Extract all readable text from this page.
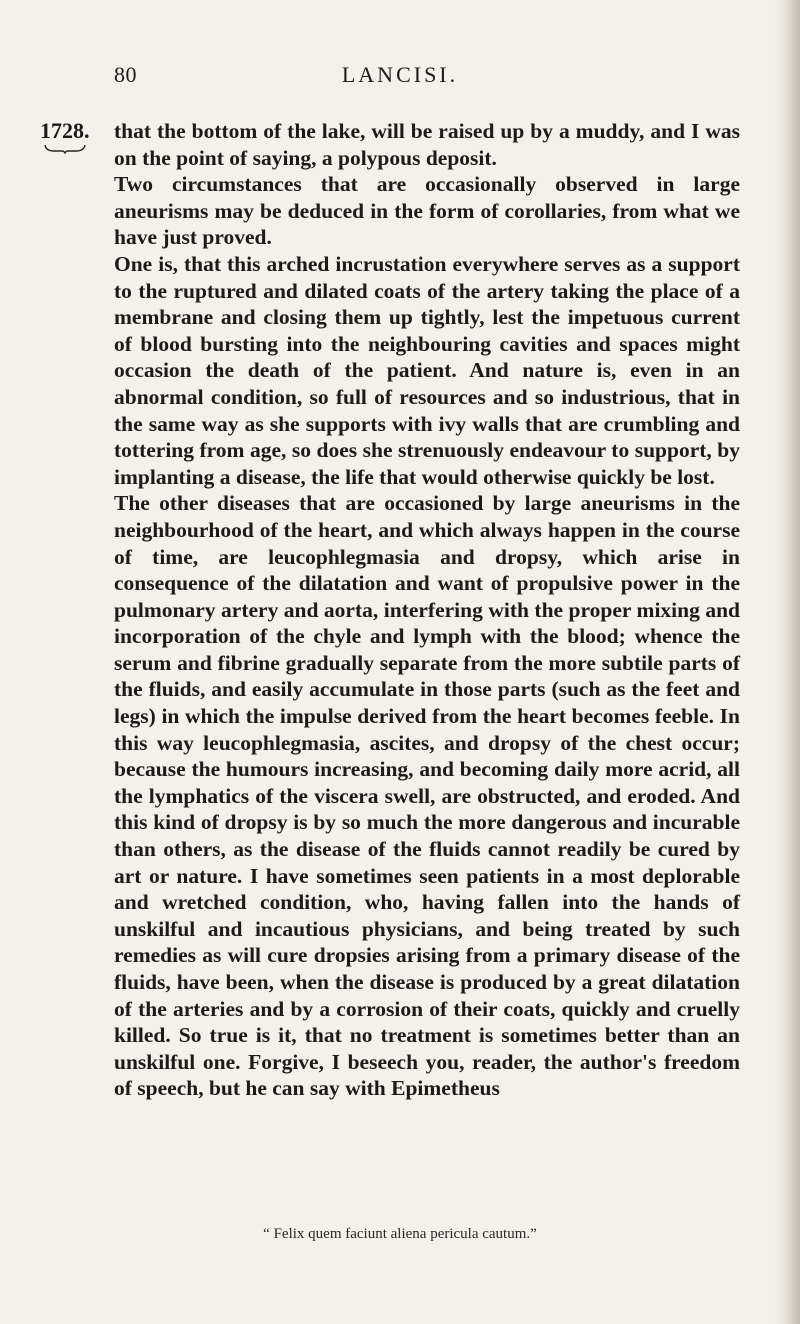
80	LANCISI.
1728. that the bottom of the lake, will be raised up by a muddy, and I was on the point of saying, a polypous deposit.

Two circumstances that are occasionally observed in large aneurisms may be deduced in the form of corollaries, from what we have just proved.

One is, that this arched incrustation everywhere serves as a support to the ruptured and dilated coats of the artery taking the place of a membrane and closing them up tightly, lest the impetuous current of blood bursting into the neighbouring cavities and spaces might occasion the death of the patient. And nature is, even in an abnormal condition, so full of resources and so industrious, that in the same way as she supports with ivy walls that are crumbling and tottering from age, so does she strenuously endeavour to support, by implanting a disease, the life that would otherwise quickly be lost.

The other diseases that are occasioned by large aneurisms in the neighbourhood of the heart, and which always happen in the course of time, are leucophlegmasia and dropsy, which arise in consequence of the dilatation and want of propulsive power in the pulmonary artery and aorta, interfering with the proper mixing and incorporation of the chyle and lymph with the blood; whence the serum and fibrine gradually separate from the more subtile parts of the fluids, and easily accumulate in those parts (such as the feet and legs) in which the impulse derived from the heart becomes feeble. In this way leucophlegmasia, ascites, and dropsy of the chest occur; because the humours increasing, and becoming daily more acrid, all the lymphatics of the viscera swell, are obstructed, and eroded. And this kind of dropsy is by so much the more dangerous and incurable than others, as the disease of the fluids cannot readily be cured by art or nature. I have sometimes seen patients in a most deplorable and wretched condition, who, having fallen into the hands of unskilful and incautious physicians, and being treated by such remedies as will cure dropsies arising from a primary disease of the fluids, have been, when the disease is produced by a great dilatation of the arteries and by a corrosion of their coats, quickly and cruelly killed. So true is it, that no treatment is sometimes better than an unskilful one. Forgive, I beseech you, reader, the author's freedom of speech, but he can say with Epimetheus

“ Felix quem faciunt aliena pericula cautum.”
